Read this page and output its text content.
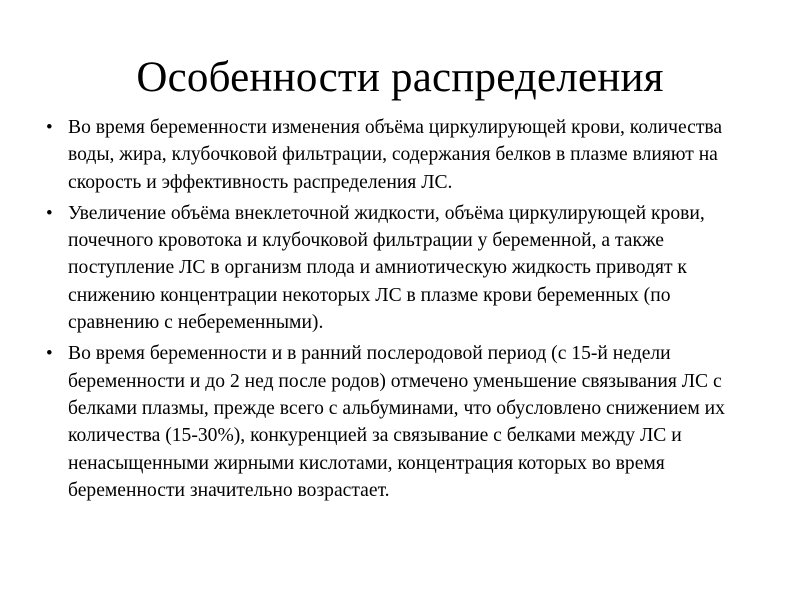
Особенности распределения
• Во время беременности изменения объёма циркулирующей крови, количества воды, жира, клубочковой фильтрации, содержания белков в плазме влияют на скорость и эффективность распределения ЛС.
• Увеличение объёма внеклеточной жидкости, объёма циркулирующей крови, почечного кровотока и клубочковой фильтрации у беременной, а также поступление ЛС в организм плода и амниотическую жидкость приводят к снижению концентрации некоторых ЛС в плазме крови беременных (по сравнению с небеременными).
• Во время беременности и в ранний послеродовой период (с 15-й недели беременности и до 2 нед после родов) отмечено уменьшение связывания ЛС с белками плазмы, прежде всего с альбуминами, что обусловлено снижением их количества (15-30%), конкуренцией за связывание с белками между ЛС и ненасыщенными жирными кислотами, концентрация которых во время беременности значительно возрастает.
